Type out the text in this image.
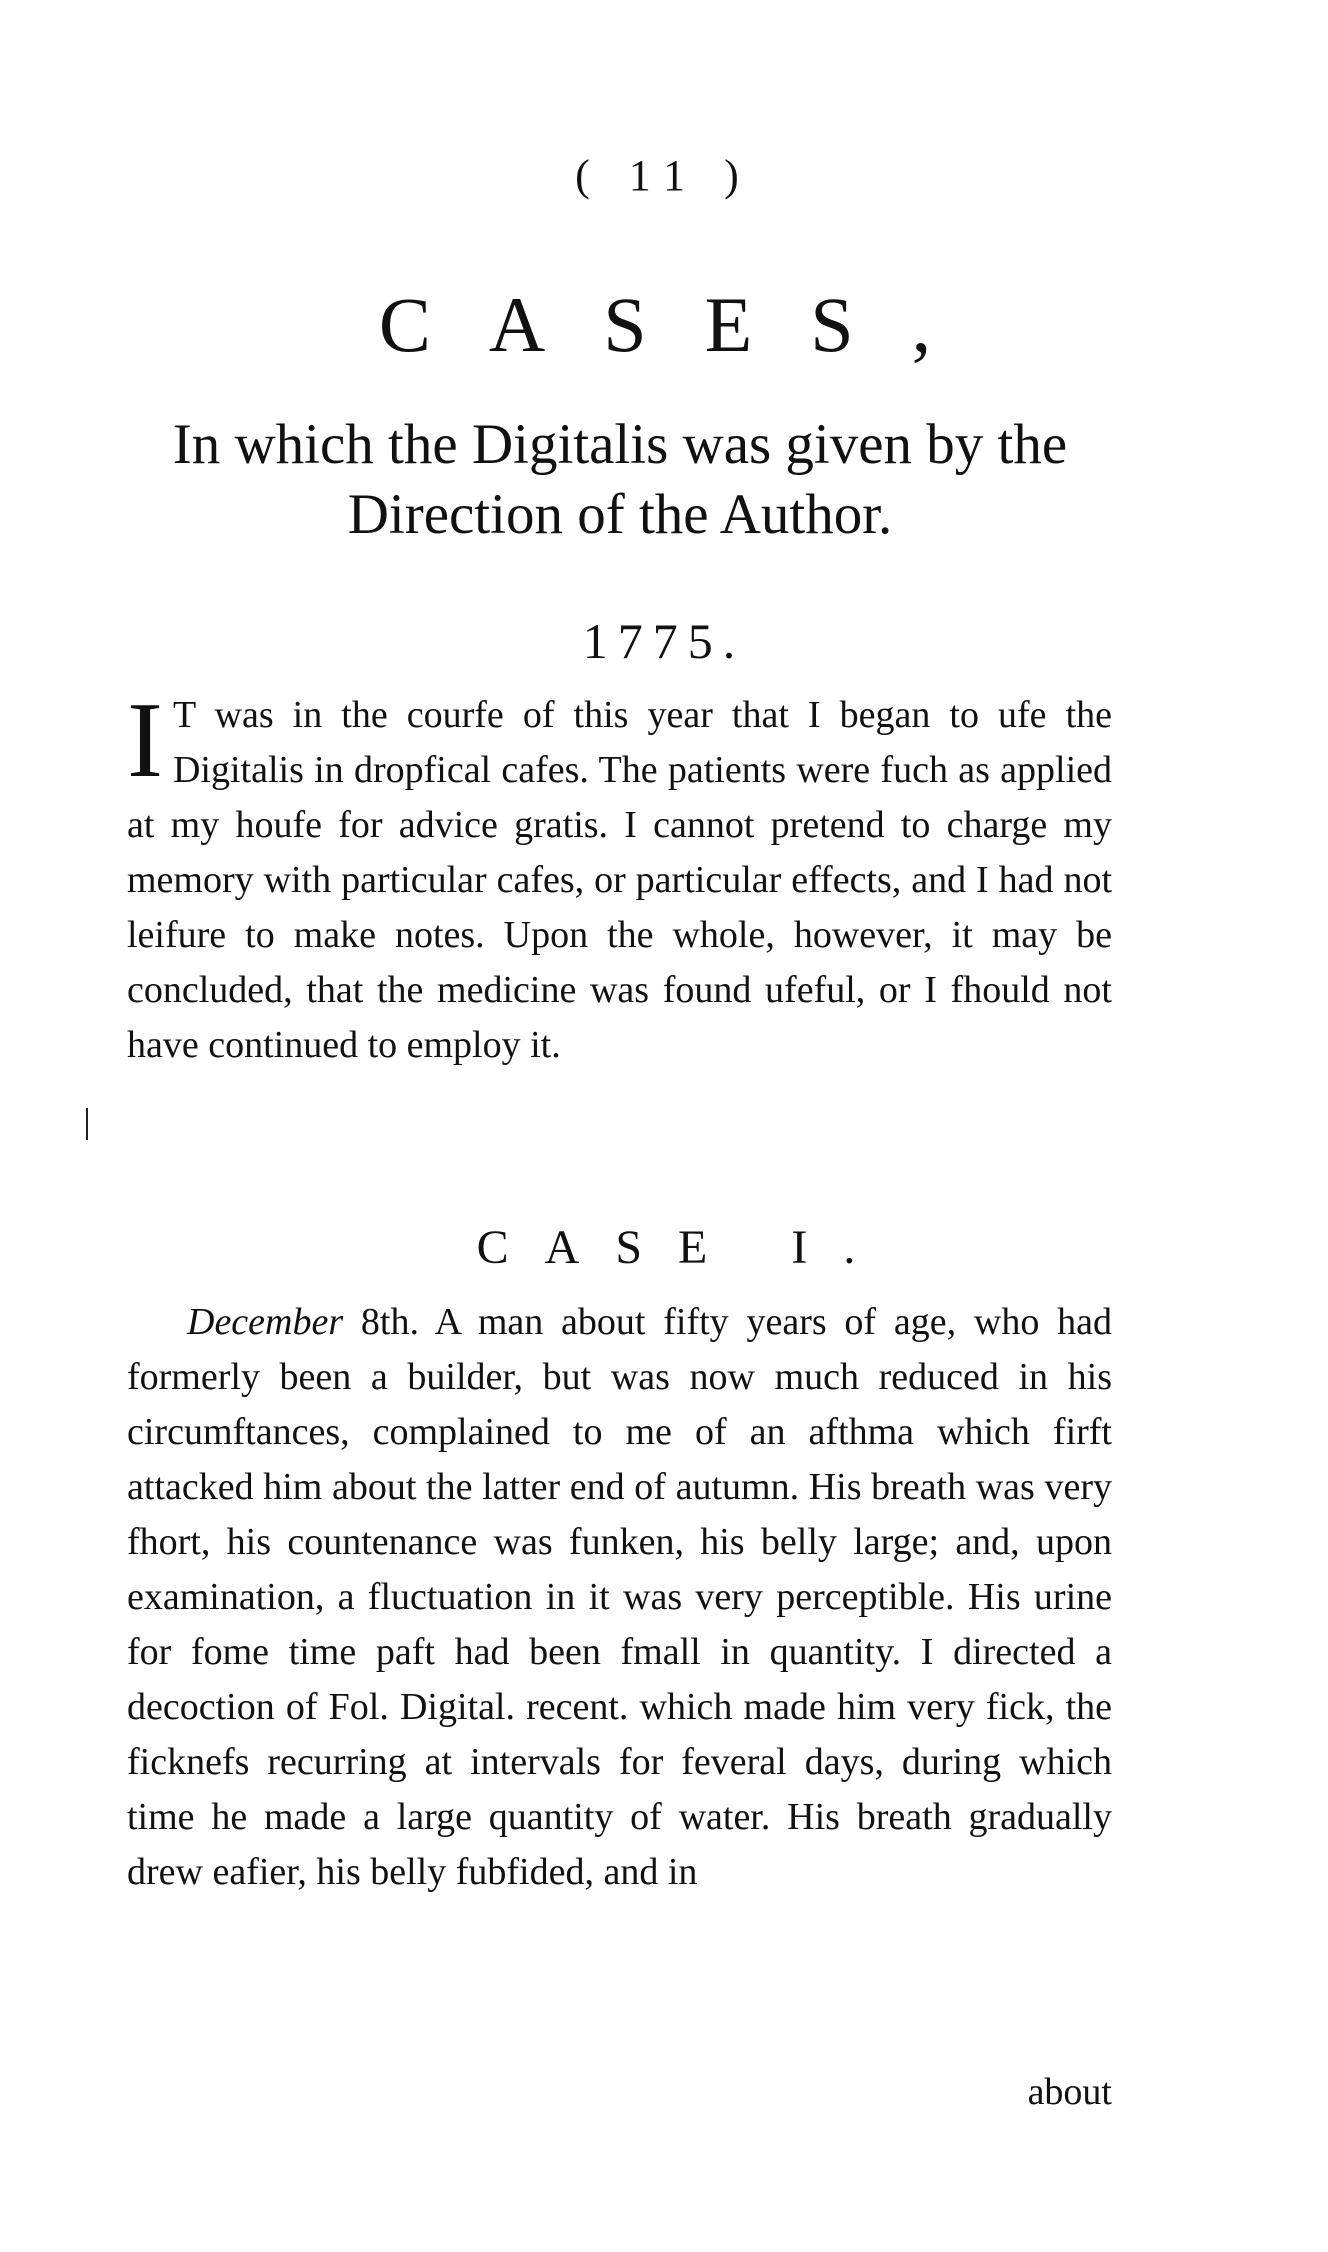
( 11 )
CASES,
In which the Digitalis was given by the Direction of the Author.
1775.

I T was in the courfe of this year that I began to ufe the Digitalis in dropfical cafes. The patients were fuch as applied at my houfe for advice gratis. I cannot pretend to charge my memory with particular cafes, or particular effects, and I had not leifure to make notes. Upon the whole, however, it may be concluded, that the medicine was found ufeful, or I fhould not have continued to employ it.

CASE I.

December 8th. A man about fifty years of age, who had formerly been a builder, but was now much reduced in his circumftances, complained to me of an afthma which firft attacked him about the latter end of autumn. His breath was very fhort, his countenance was funken, his belly large; and, upon examination, a fluctuation in it was very perceptible. His urine for fome time paft had been fmall in quantity. I directed a decoction of Fol. Digital. recent. which made him very fick, the ficknefs recurring at intervals for feveral days, during which time he made a large quantity of water. His breath gradually drew eafier, his belly fubfided, and in

about
